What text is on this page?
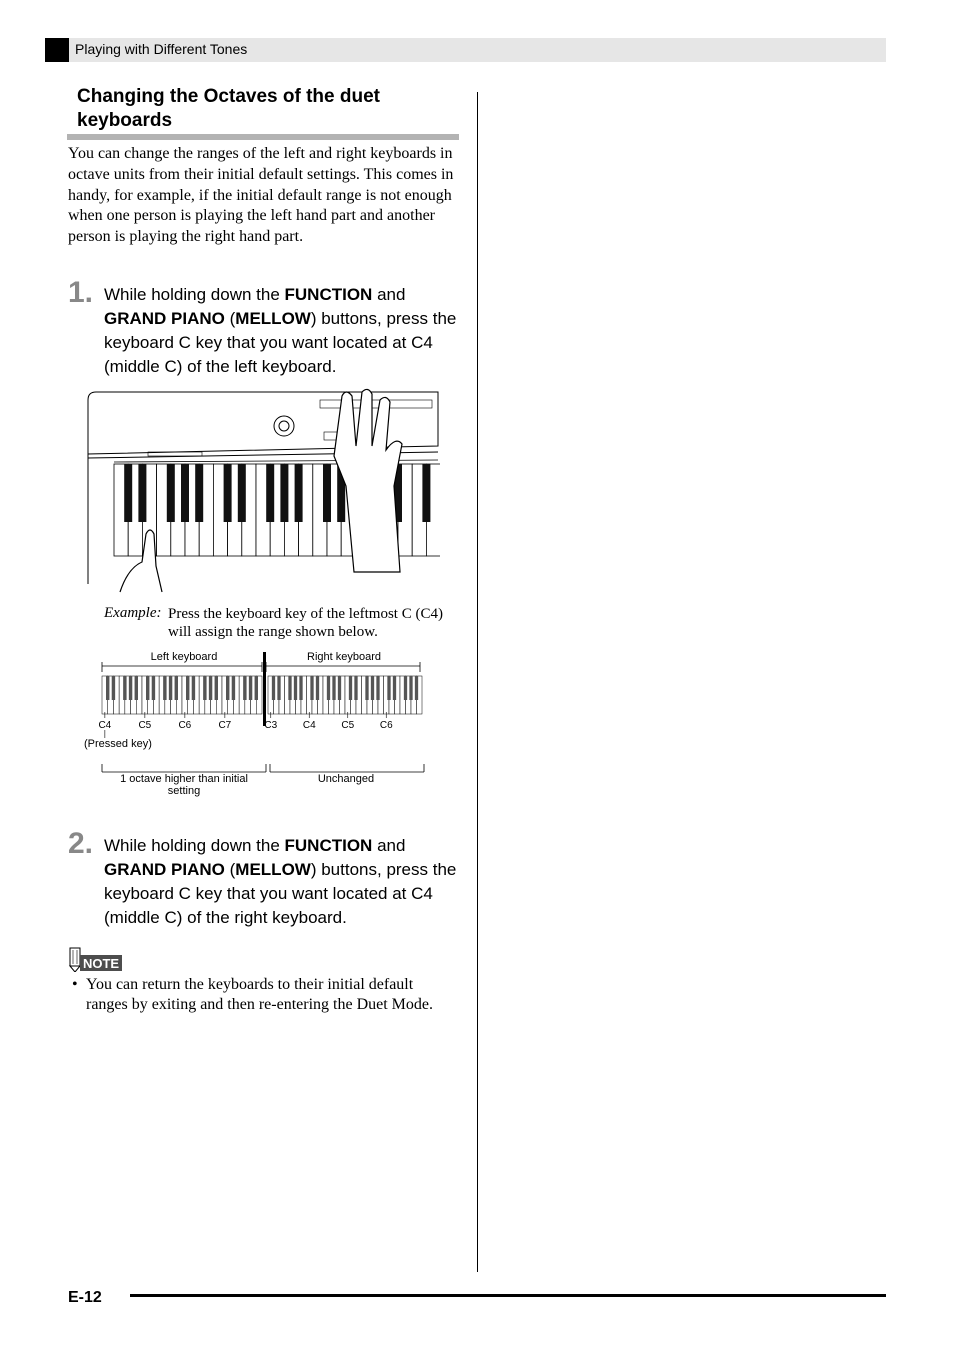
Playing with Different Tones
Changing the Octaves of the duet keyboards
You can change the ranges of the left and right keyboards in octave units from their initial default settings. This comes in handy, for example, if the initial default range is not enough when one person is playing the left hand part and another person is playing the right hand part.
1. While holding down the FUNCTION and GRAND PIANO (MELLOW) buttons, press the keyboard C key that you want located at C4 (middle C) of the left keyboard.
Example: Press the keyboard key of the leftmost C (C4) will assign the range shown below.
Left keyboard	Right keyboard
C4	C5	C6	C7	C3	C4	C5	C6
(Pressed key)
1 octave higher than initial
setting
Unchanged
2. While holding down the FUNCTION and GRAND PIANO (MELLOW) buttons, press the keyboard C key that you want located at C4 (middle C) of the right keyboard.
NOTE
• You can return the keyboards to their initial default ranges by exiting and then re-entering the Duet Mode.
E-12
